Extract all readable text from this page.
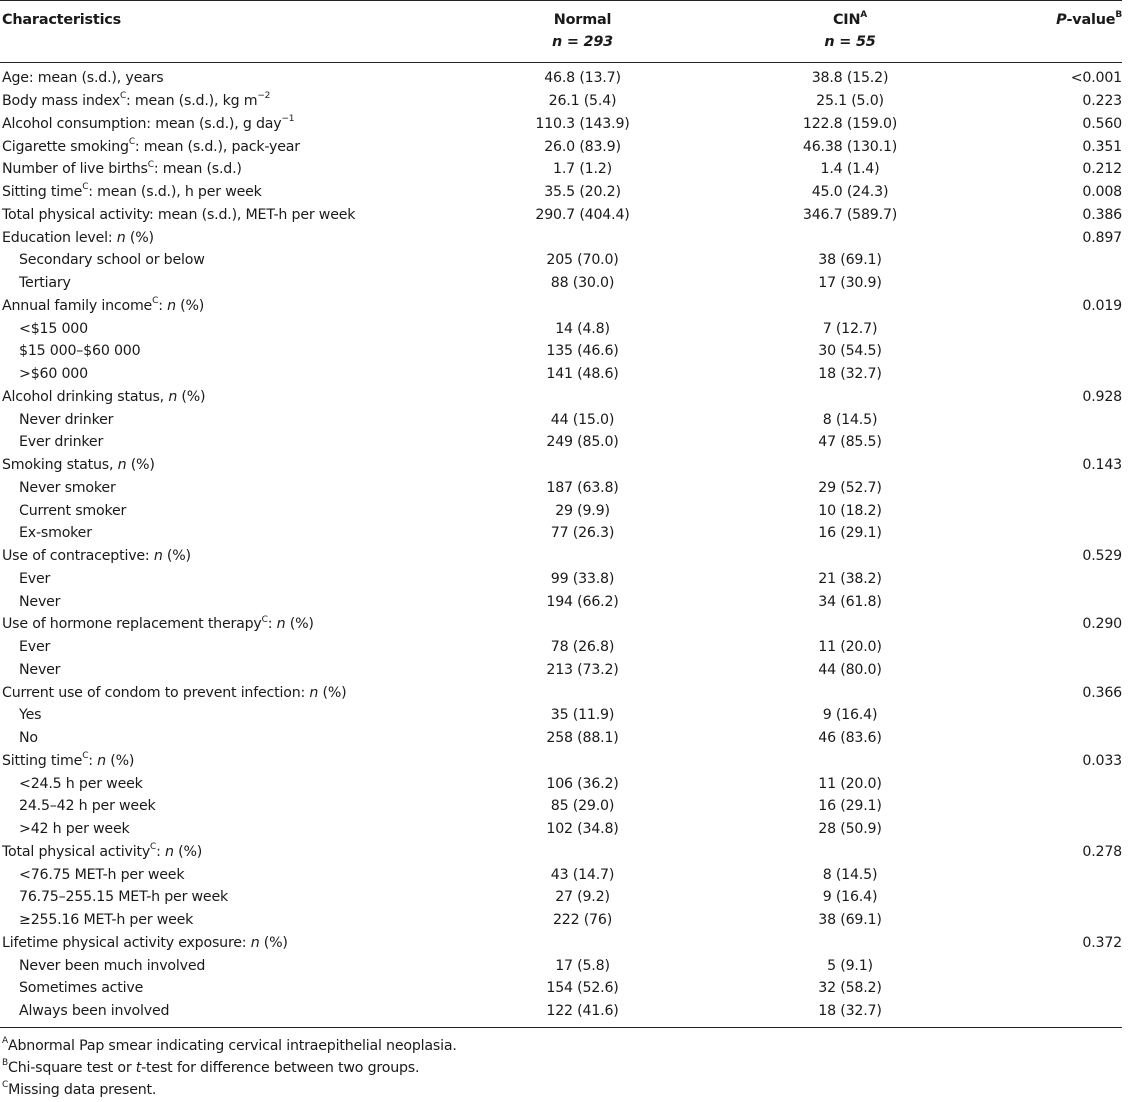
Characteristics	Normal	$CIN^A$	P-value$^B$
	n = 293	n = 55	
Age: mean (s.d.), years	46.8 (13.7)	38.8 (15.2)	<0.001
Body mass index$^C$: mean (s.d.), kg $m^{-2}$	26.1 (5.4)	25.1 (5.0)	0.223
Alcohol consumption: mean (s.d.), g day$^{-1}$	110.3 (143.9)	122.8 (159.0)	0.560
Cigarette smoking$^C$: mean (s.d.), pack-year	26.0 (83.9)	46.38 (130.1)	0.351
Number of live births$^C$: mean (s.d.)	1.7 (1.2)	1.4 (1.4)	0.212
Sitting time$^C$: mean (s.d.), h per week	35.5 (20.2)	45.0 (24.3)	0.008
Total physical activity: mean (s.d.), MET-h per week	290.7 (404.4)	346.7 (589.7)	0.386
Education level: n (%)			0.897
Secondary school or below	205 (70.0)	38 (69.1)	
Tertiary	88 (30.0)	17 (30.9)	
Annual family income$^C$: n (%)			0.019
<$15 000	14 (4.8)	7 (12.7)	
$15 000–$60 000	135 (46.6)	30 (54.5)	
>$60 000	141 (48.6)	18 (32.7)	
Alcohol drinking status, n (%)			0.928
Never drinker	44 (15.0)	8 (14.5)	
Ever drinker	249 (85.0)	47 (85.5)	
Smoking status, n (%)			0.143
Never smoker	187 (63.8)	29 (52.7)	
Current smoker	29 (9.9)	10 (18.2)	
Ex-smoker	77 (26.3)	16 (29.1)	
Use of contraceptive: n (%)			0.529
Ever	99 (33.8)	21 (38.2)	
Never	194 (66.2)	34 (61.8)	
Use of hormone replacement therapy$^C$: n (%)			0.290
Ever	78 (26.8)	11 (20.0)	
Never	213 (73.2)	44 (80.0)	
Current use of condom to prevent infection: n (%)			0.366
Yes	35 (11.9)	9 (16.4)	
No	258 (88.1)	46 (83.6)	
Sitting time$^C$: n (%)			0.033
<24.5 h per week	106 (36.2)	11 (20.0)	
24.5–42 h per week	85 (29.0)	16 (29.1)	
>42 h per week	102 (34.8)	28 (50.9)	
Total physical activity$^C$: n (%)			0.278
<76.75 MET-h per week	43 (14.7)	8 (14.5)	
76.75–255.15 MET-h per week	27 (9.2)	9 (16.4)	
≥255.16 MET-h per week	222 (76)	38 (69.1)	
Lifetime physical activity exposure: n (%)			0.372
Never been much involved	17 (5.8)	5 (9.1)	
Sometimes active	154 (52.6)	32 (58.2)	
Always been involved	122 (41.6)	18 (32.7)	
$^A$Abnormal Pap smear indicating cervical intraepithelial neoplasia.
$^B$Chi-square test or t-test for difference between two groups.
$^C$Missing data present.
